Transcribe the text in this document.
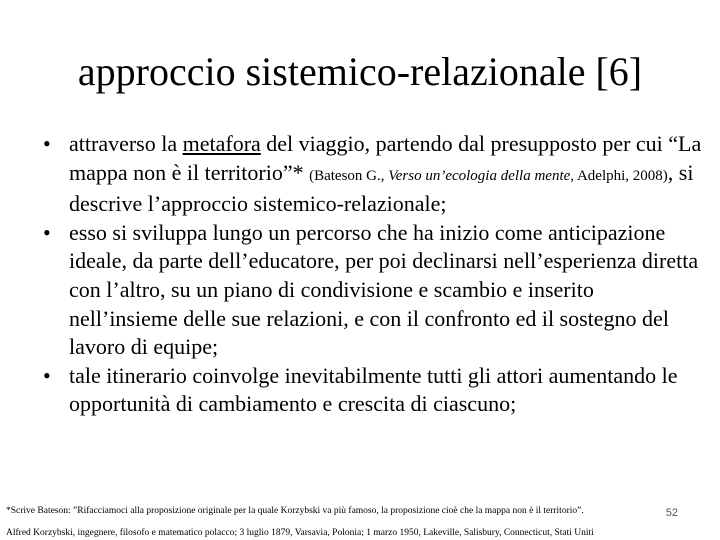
approccio sistemico-relazionale [6]
• attraverso la metafora del viaggio, partendo dal presupposto per cui “La mappa non è il territorio”* (Bateson G., Verso un’ecologia della mente, Adelphi, 2008), si descrive l’approccio sistemico-relazionale;
• esso si sviluppa lungo un percorso che ha inizio come anticipazione ideale, da parte dell’educatore, per poi declinarsi nell’esperienza diretta con l’altro, su un piano di condivisione e scambio e inserito nell’insieme delle sue relazioni, e con il confronto ed il sostegno del lavoro di equipe;
• tale itinerario coinvolge inevitabilmente tutti gli attori aumentando le opportunità di cambiamento e crescita di ciascuno;
*Scrive Bateson: ”Rifacciamoci alla proposizione originale per la quale Korzybski va più famoso, la proposizione cioè che la mappa non è il territorio”.	52
Alfred Korzybski, ingegnere, filosofo e matematico polacco; 3 luglio 1879, Varsavia, Polonia; 1 marzo 1950, Lakeville, Salisbury, Connecticut, Stati Uniti
